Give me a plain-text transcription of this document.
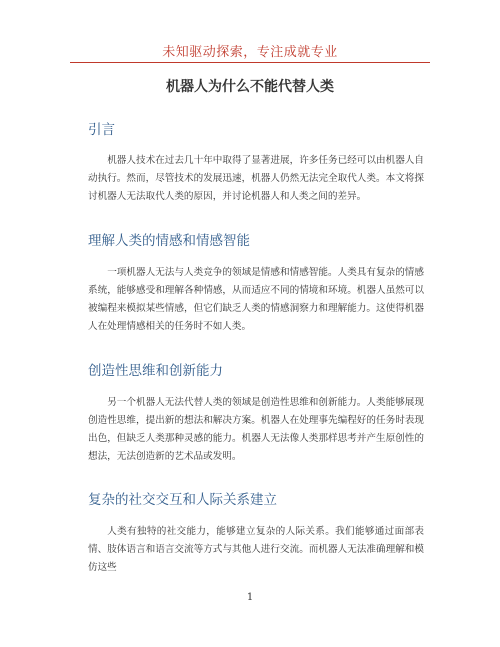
未知驱动探索，专注成就专业
机器人为什么不能代替人类
引言

机器人技术在过去几十年中取得了显著进展，许多任务已经可以由机器人自动执行。然而，尽管技术的发展迅速，机器人仍然无法完全取代人类。本文将探讨机器人无法取代人类的原因，并讨论机器人和人类之间的差异。

理解人类的情感和情感智能

一项机器人无法与人类竞争的领域是情感和情感智能。人类具有复杂的情感系统，能够感受和理解各种情感，从而适应不同的情境和环境。机器人虽然可以被编程来模拟某些情感，但它们缺乏人类的情感洞察力和理解能力。这使得机器人在处理情感相关的任务时不如人类。

创造性思维和创新能力

另一个机器人无法代替人类的领域是创造性思维和创新能力。人类能够展现创造性思维，提出新的想法和解决方案。机器人在处理事先编程好的任务时表现出色，但缺乏人类那种灵感的能力。机器人无法像人类那样思考并产生原创性的想法，无法创造新的艺术品或发明。

复杂的社交交互和人际关系建立

人类有独特的社交能力，能够建立复杂的人际关系。我们能够通过面部表情、肢体语言和语言交流等方式与其他人进行交流。而机器人无法准确理解和模仿这些

1
